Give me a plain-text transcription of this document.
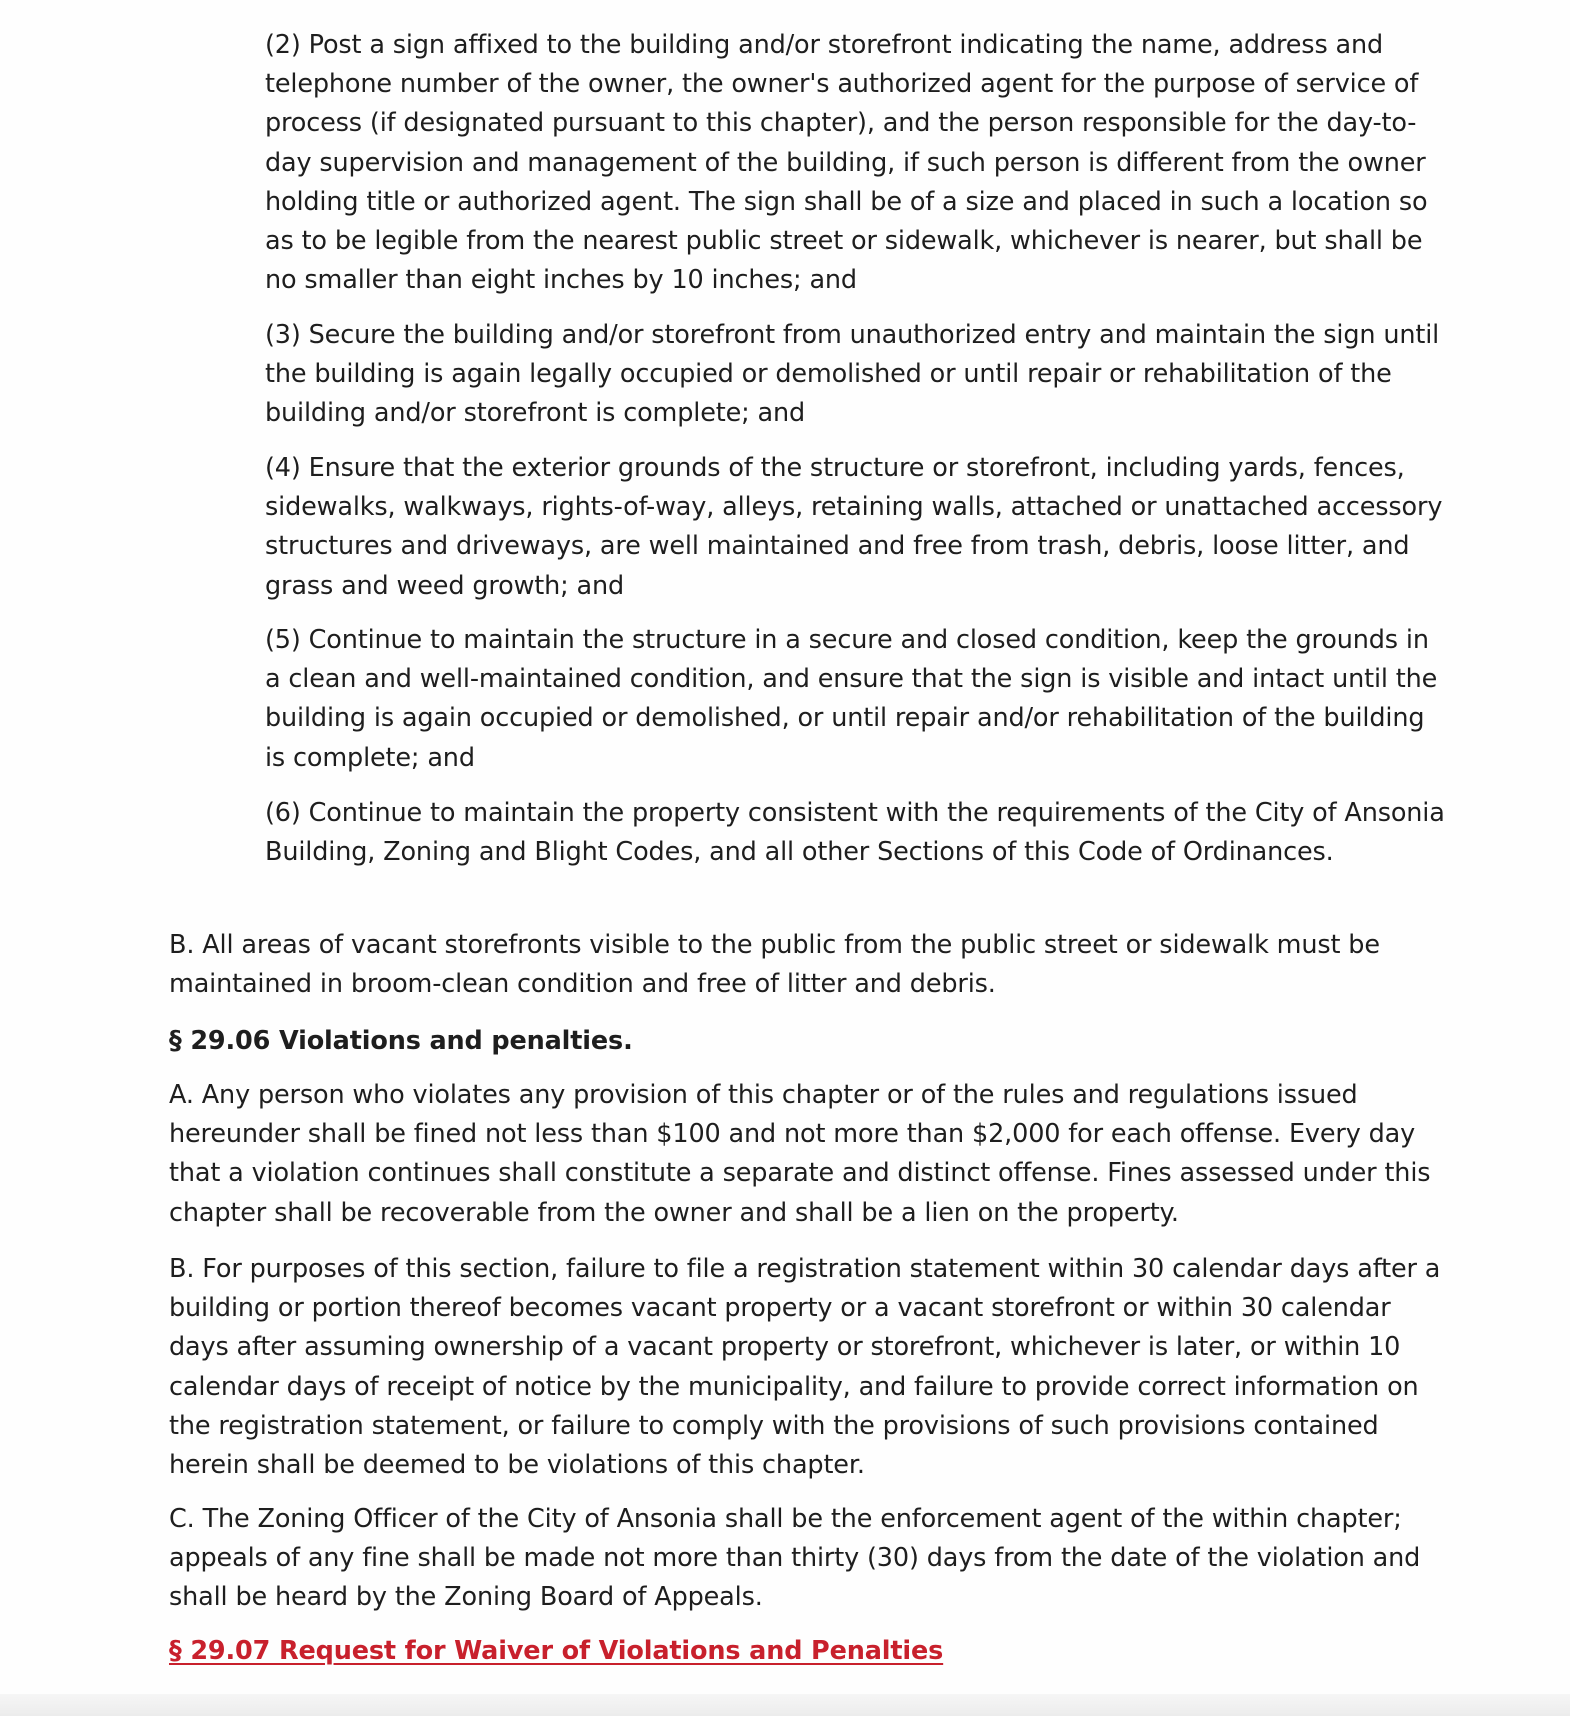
(2) Post a sign affixed to the building and/or storefront indicating the name, address and telephone number of the owner, the owner's authorized agent for the purpose of service of process (if designated pursuant to this chapter), and the person responsible for the day-to-day supervision and management of the building, if such person is different from the owner holding title or authorized agent. The sign shall be of a size and placed in such a location so as to be legible from the nearest public street or sidewalk, whichever is nearer, but shall be no smaller than eight inches by 10 inches; and

(3) Secure the building and/or storefront from unauthorized entry and maintain the sign until the building is again legally occupied or demolished or until repair or rehabilitation of the building and/or storefront is complete; and

(4) Ensure that the exterior grounds of the structure or storefront, including yards, fences, sidewalks, walkways, rights-of-way, alleys, retaining walls, attached or unattached accessory structures and driveways, are well maintained and free from trash, debris, loose litter, and grass and weed growth; and

(5) Continue to maintain the structure in a secure and closed condition, keep the grounds in a clean and well-maintained condition, and ensure that the sign is visible and intact until the building is again occupied or demolished, or until repair and/or rehabilitation of the building is complete; and

(6) Continue to maintain the property consistent with the requirements of the City of Ansonia Building, Zoning and Blight Codes, and all other Sections of this Code of Ordinances.

B. All areas of vacant storefronts visible to the public from the public street or sidewalk must be maintained in broom-clean condition and free of litter and debris.

§ 29.06 Violations and penalties.

A. Any person who violates any provision of this chapter or of the rules and regulations issued hereunder shall be fined not less than $100 and not more than $2,000 for each offense. Every day that a violation continues shall constitute a separate and distinct offense. Fines assessed under this chapter shall be recoverable from the owner and shall be a lien on the property.

B. For purposes of this section, failure to file a registration statement within 30 calendar days after a building or portion thereof becomes vacant property or a vacant storefront or within 30 calendar days after assuming ownership of a vacant property or storefront, whichever is later, or within 10 calendar days of receipt of notice by the municipality, and failure to provide correct information on the registration statement, or failure to comply with the provisions of such provisions contained herein shall be deemed to be violations of this chapter.

C. The Zoning Officer of the City of Ansonia shall be the enforcement agent of the within chapter; appeals of any fine shall be made not more than thirty (30) days from the date of the violation and shall be heard by the Zoning Board of Appeals.

§ 29.07 Request for Waiver of Violations and Penalties
